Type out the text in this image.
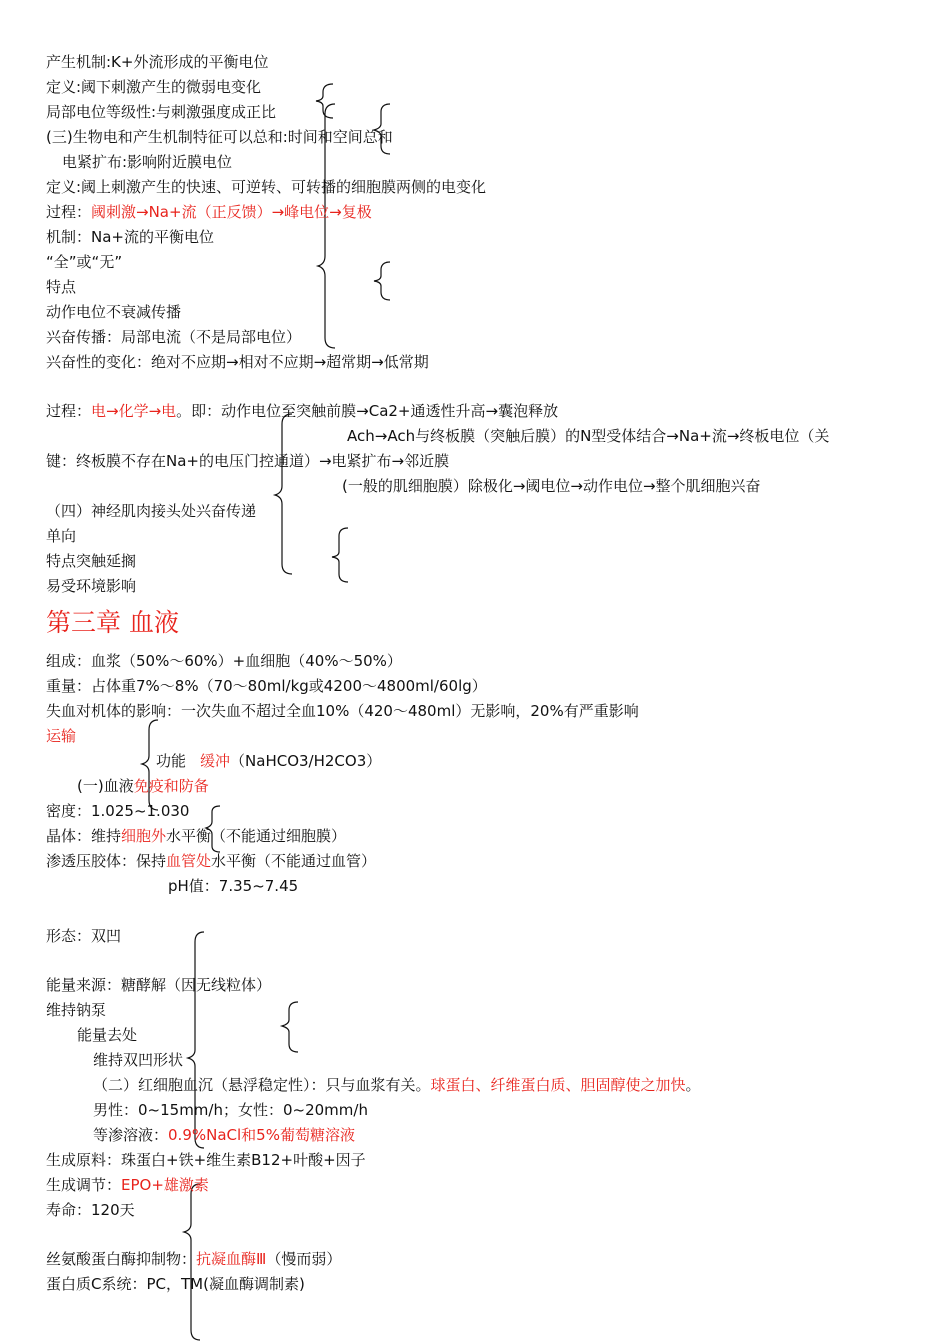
产生机制:K+外流形成的平衡电位
定义:阈下刺激产生的微弱电变化
局部电位等级性:与刺激强度成正比
(三)生物电和产生机制特征可以总和:时间和空间总和
电紧扩布:影响附近膜电位
定义:阈上刺激产生的快速、可逆转、可转播的细胞膜两侧的电变化
过程：阈刺激→Na+流（正反馈）→峰电位→复极
机制：Na+流的平衡电位
“全”或“无”
特点
动作电位不衰减传播
兴奋传播：局部电流（不是局部电位）
兴奋性的变化：绝对不应期→相对不应期→超常期→低常期
过程：电→化学→电。即：动作电位至突触前膜→Ca2+通透性升高→囊泡释放
Ach→Ach与终板膜（突触后膜）的N型受体结合→Na+流→终板电位（关
键：终板膜不存在Na+的电压门控通道）→电紧扩布→邻近膜
(一般的肌细胞膜）除极化→阈电位→动作电位→整个肌细胞兴奋
（四）神经肌肉接头处兴奋传递
单向
特点突触延搁
易受环境影响
第三章 血液
组成：血浆（50%～60%）+血细胞（40%～50%）
重量：占体重7%～8%（70～80ml/kg或4200～4800ml/60lg）
失血对机体的影响：一次失血不超过全血10%（420～480ml）无影响，20%有严重影响
运输
功能 缓冲（NaHCO3/H2CO3）
(一)血液免疫和防备
密度：1.025~1.030
晶体：维持细胞外水平衡（不能通过细胞膜）
渗透压胶体：保持血管处水平衡（不能通过血管）
pH值：7.35~7.45
形态：双凹
能量来源：糖酵解（因无线粒体）
维持钠泵
能量去处
维持双凹形状
（二）红细胞血沉（悬浮稳定性）：只与血浆有关。球蛋白、纤维蛋白质、胆固醇使之加快。
男性：0~15mm/h；女性：0~20mm/h
等渗溶液：0.9%NaCl和5%葡萄糖溶液
生成原料：珠蛋白+铁+维生素B12+叶酸+因子
生成调节：EPO+雄激素
寿命：120天
丝氨酸蛋白酶抑制物：抗凝血酶Ⅲ（慢而弱）
蛋白质C系统：PC，TM(凝血酶调制素)
